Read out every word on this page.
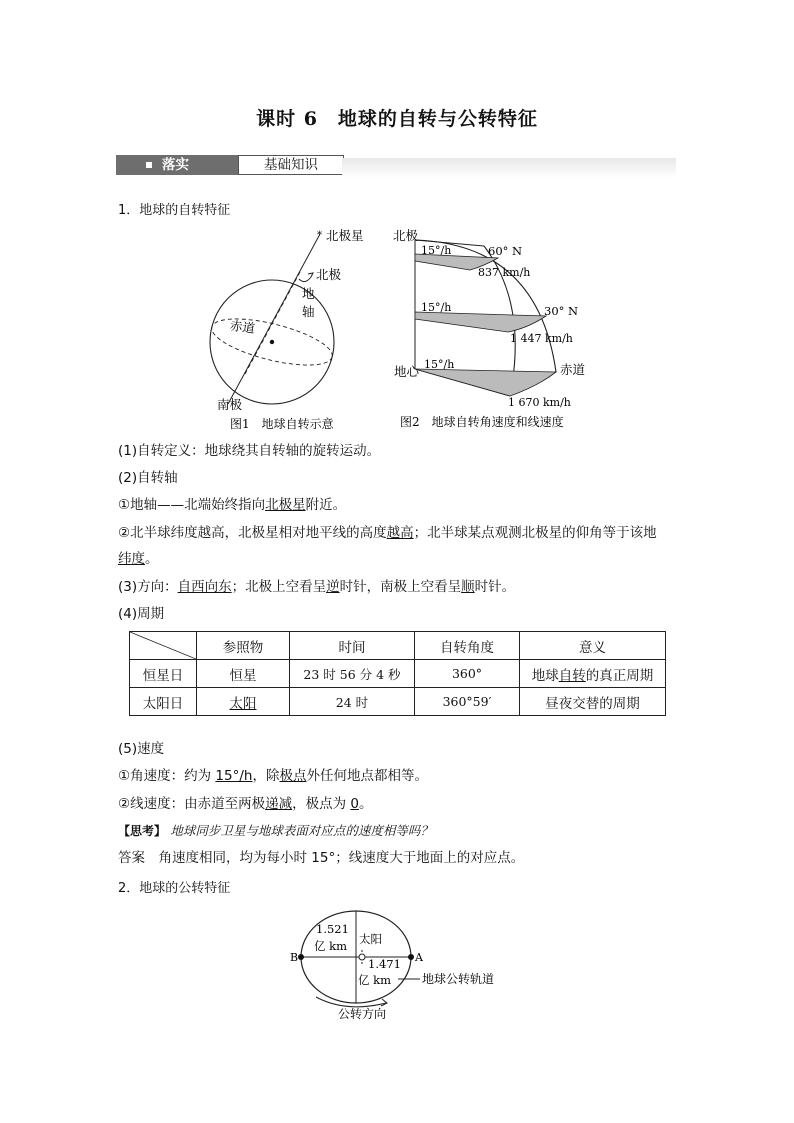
课时 6　地球的自转与公转特征
落实	基础知识
1．地球的自转特征
* 北极星
北极
地
轴
赤道
南极
图1　地球自转示意
北极
地心	赤道
60° N
30° N
15°/h
15°/h
15°/h
837 km/h
1 447 km/h
1 670 km/h
图2　地球自转角速度和线速度
(1)自转定义：地球绕其自转轴的旋转运动。
(2)自转轴
①地轴——北端始终指向北极星附近。
②北半球纬度越高，北极星相对地平线的高度越高；北半球某点观测北极星的仰角等于该地
纬度。
(3)方向：自西向东；北极上空看呈逆时针，南极上空看呈顺时针。
(4)周期
	参照物	时间	自转角度	意义
恒星日	恒星	23 时 56 分 4 秒	360°	地球自转的真正周期
太阳日	太阳	24 时	360°59′	昼夜交替的周期
(5)速度
①角速度：约为 15°/h，除极点外任何地点都相等。
②线速度：由赤道至两极递减，极点为 0。
【思考】 地球同步卫星与地球表面对应点的速度相等吗？
答案　 角速度相同，均为每小时 15°；线速度大于地面上的对应点。
2．地球的公转特征
B	A
1.521
亿 km 太阳
1.471
亿 km	地球公转轨道
公转方向
